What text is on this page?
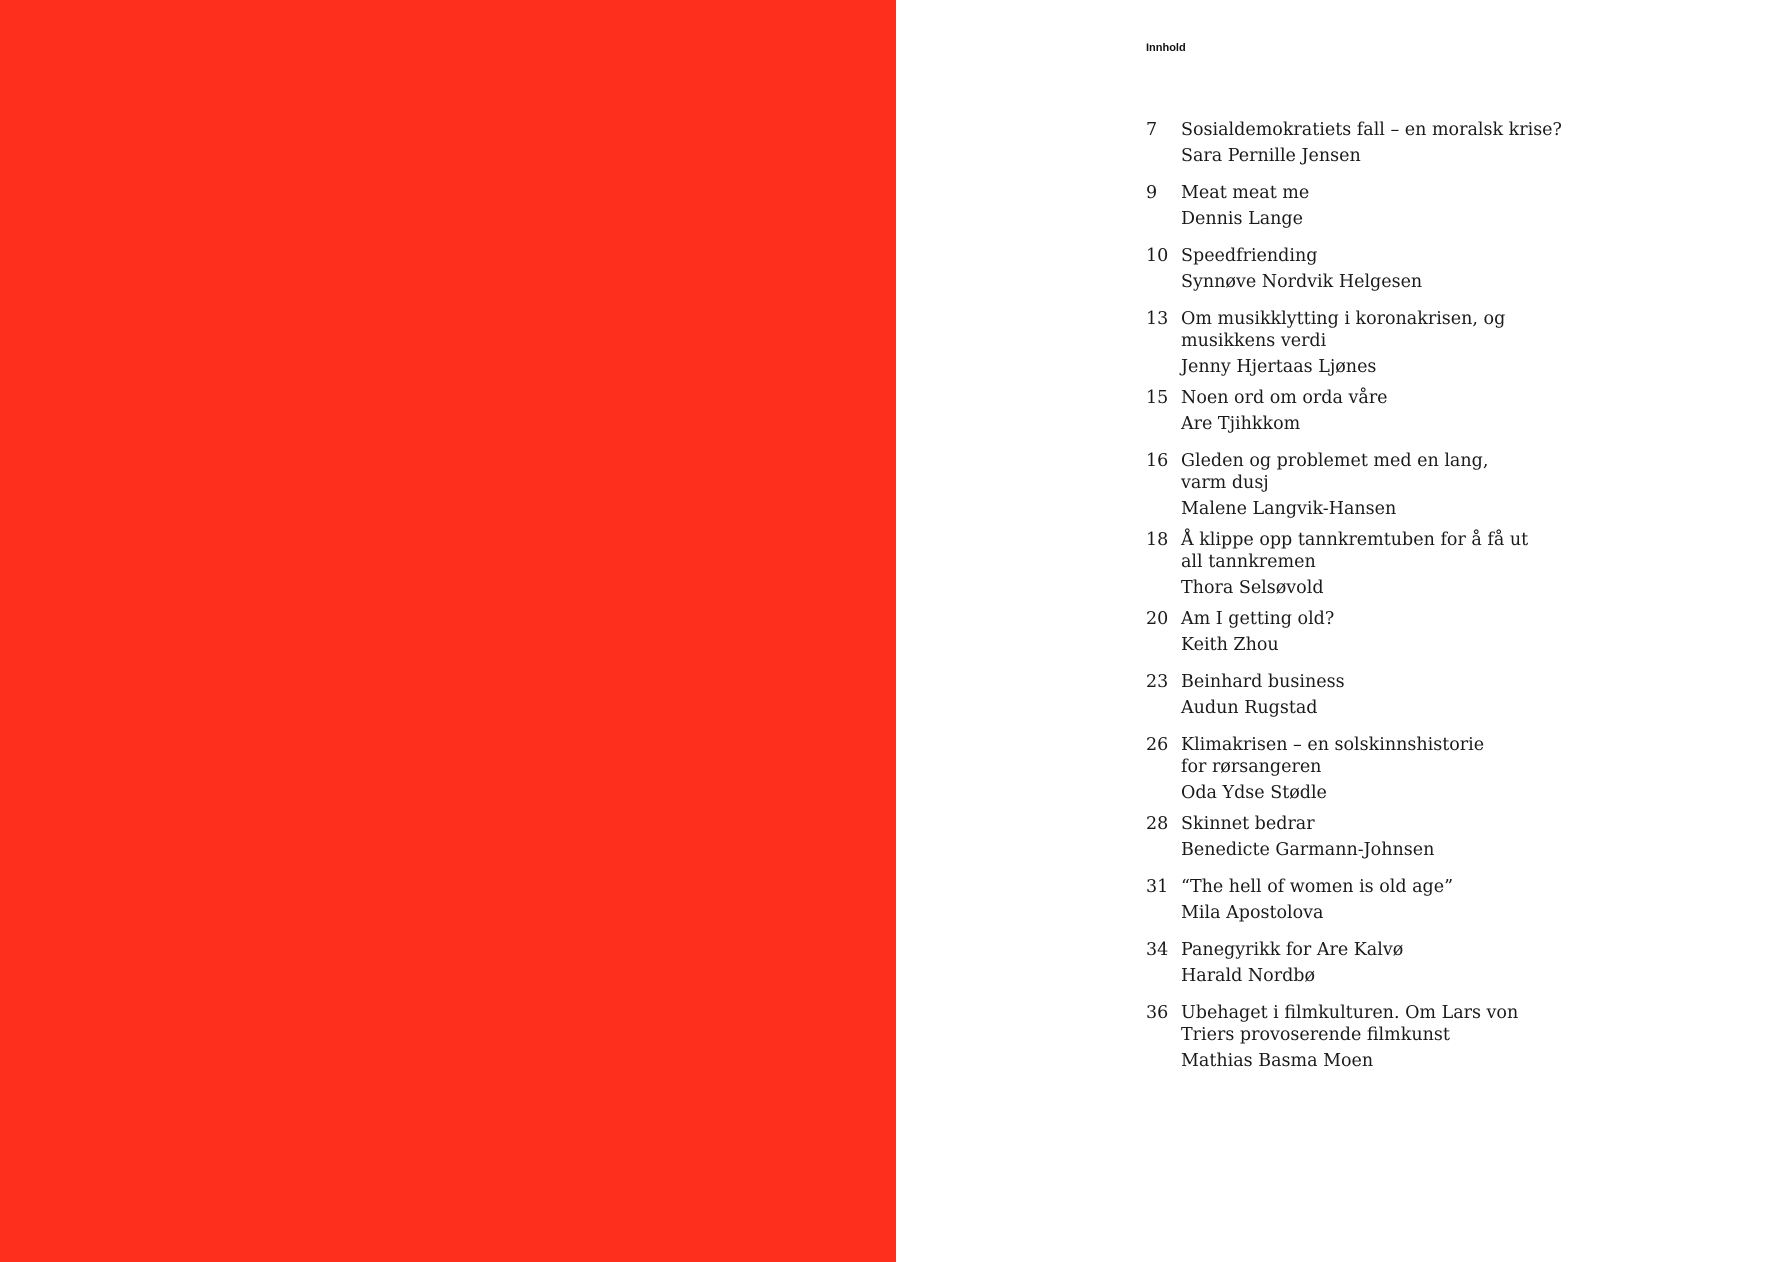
Innhold
7	Sosialdemokratiets fall – en moralsk krise?
Sara Pernille Jensen
9	Meat meat me
Dennis Lange
10 Speedfriending
Synnøve Nordvik Helgesen
13 Om musikklytting i koronakrisen, og
musikkens verdi
Jenny Hjertaas Ljønes
15 Noen ord om orda våre
Are Tjihkkom
16 Gleden og problemet med en lang,
varm dusj
Malene Langvik-Hansen
18 Å klippe opp tannkremtuben for å få ut
all tannkremen
Thora Selsøvold
20 Am I getting old?
Keith Zhou
23 Beinhard business
Audun Rugstad
26 Klimakrisen – en solskinnshistorie
for rørsangeren
Oda Ydse Stødle
28 Skinnet bedrar
Benedicte Garmann-Johnsen
31 “The hell of women is old age”
Mila Apostolova
34 Panegyrikk for Are Kalvø
Harald Nordbø
36 Ubehaget i filmkulturen. Om Lars von
Triers provoserende filmkunst
Mathias Basma Moen
